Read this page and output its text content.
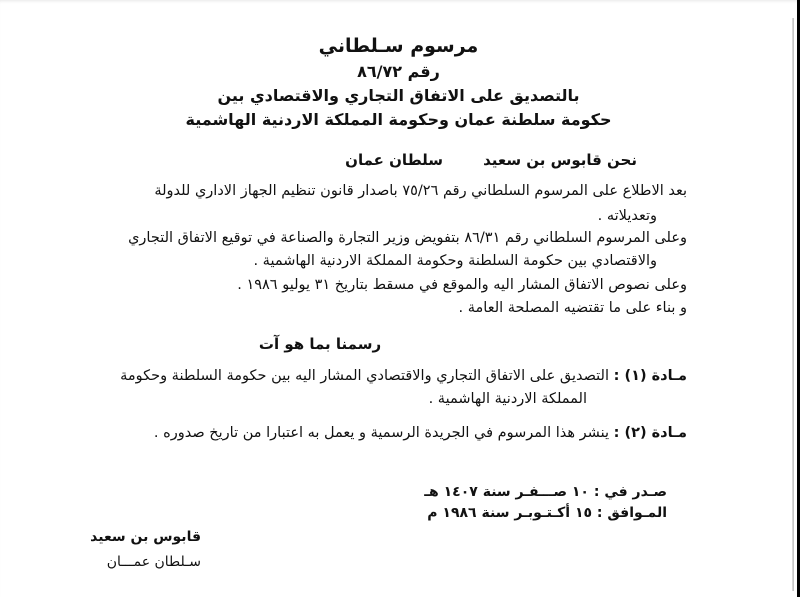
مرسوم سـلطاني
رقم ٨٦/٧٢
بالتصديق على الاتفاق التجاري والاقتصادي بين
حكومة سلطنة عمان وحكومة المملكة الاردنية الهاشمية
نحن قابوس بن سعيدسلطان عمان
بعد الاطلاع على المرسوم السلطاني رقم ٧٥/٢٦ باصدار قانون تنظيم الجهاز الاداري للدولة
وتعديلاته .
وعلى المرسوم السلطاني رقم ٨٦/٣١ بتفويض وزير التجارة والصناعة في توقيع الاتفاق التجاري
والاقتصادي بين حكومة السلطنة وحكومة المملكة الاردنية الهاشمية .
وعلى نصوص الاتفاق المشار اليه والموقع في مسقط بتاريخ ٣١ يوليو ١٩٨٦ .
و بناء على ما تقتضيه المصلحة العامة .
رسمنا بما هو آت
مـادة (١) : التصديق على الاتفاق التجاري والاقتصادي المشار اليه بين حكومة السلطنة وحكومة
المملكة الاردنية الهاشمية .
مـادة (٢) : ينشر هذا المرسوم في الجريدة الرسمية و يعمل به اعتبارا من تاريخ صدوره .
صـدر في : ١٠ صـــفـر سنة ١٤٠٧ هـ
المـوافق : ١٥ أكـتـوبـر سنة ١٩٨٦ م
قابوس بن سعيد
سـلطان عمـــان
